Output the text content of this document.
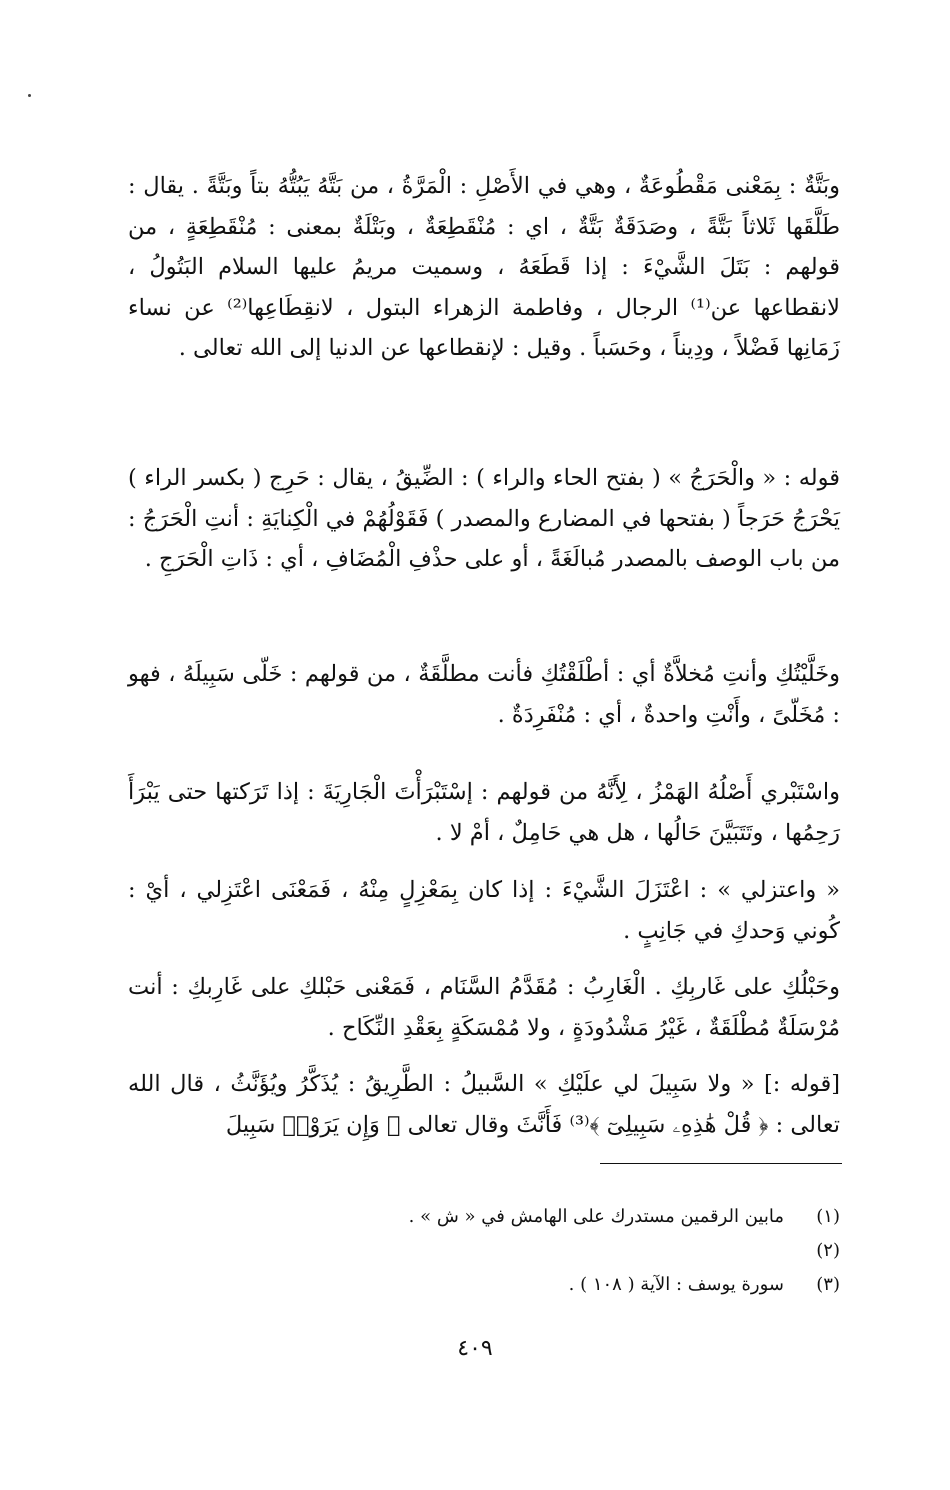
وبَتَّةٌ : بِمَعْنى مَقْطُوعَةٌ ، وهي في الأَصْلِ : الْمَرَّةُ ، من بَتَّهُ يَبُتُّهُ بتاً وبَتَّةً . يقال : طَلَّقَها ثَلاثاً بَتَّةً ، وصَدَقَةٌ بَتَّةٌ ، اي : مُنْقَطِعَةٌ ، وبَتْلَةٌ بمعنى : مُنْقَطِعَةٍ ، من قولهم : بَتَلَ الشَّيْءَ : إذا قَطَعَهُ ، وسميت مريمُ عليها السلام البَتُولُ ، لانقطاعها عن⁽¹⁾ الرجال ، وفاطمة الزهراء البتول ، لانقِطَاعِها⁽²⁾ عن نساء زَمَانِها فَضْلاً ، ودِيناً ، وحَسَباً . وقيل : لإنقطاعها عن الدنيا إلى الله تعالى .

قوله : « والْحَرَجُ » ( بفتح الحاء والراء ) : الضِّيقُ ، يقال : حَرِج ( بكسر الراء ) يَحْرَجُ حَرَجاً ( بفتحها في المضارع والمصدر ) فَقَوْلُهُمْ في الْكِنايَةِ : أنتِ الْحَرَجُ : من باب الوصف بالمصدر مُبالَغَةً ، أو على حذْفِ الْمُضَافِ ، أي : ذَاتِ الْحَرَجِ .

وخَلَّيْتُكِ وأنتِ مُخلاَّةٌ أي : أطْلَقْتُكِ فأنت مطلَّقَةٌ ، من قولهم : خَلّى سَبِيلَهُ ، فهو : مُخَلّىً ، وأَنْتِ واحدةٌ ، أي : مُنْفَرِدَةٌ .

واسْتَبْري أَصْلُهُ الهَمْزُ ، لِأَنَّهُ من قولهم : إسْتَبْرَأْتَ الْجَارِيَةَ : إذا تَرَكتها حتى يَبْرَأَ رَحِمُها ، وتَتَبَيَّنَ حَالُها ، هل هي حَامِلٌ ، أمْ لا .

« واعتزلي » : اعْتَزَلَ الشَّيْءَ : إذا كان بِمَعْزِلٍ مِنْهُ ، فَمَعْنَى اعْتَزِلي ، أيْ : كُوني وَحدكِ في جَانِبٍ .

وحَبْلُكِ على غَاربِكِ . الْغَارِبُ : مُقَدَّمُ السَّنَام ، فَمَعْنى حَبْلكِ على غَارِبكِ : أنت مُرْسَلَةٌ مُطْلَقَةٌ ، غَيْرُ مَشْدُودَةٍ ، ولا مُمْسَكَةٍ بِعَقْدِ النِّكَاح .

[قوله :] « ولا سَبِيلَ لي علَيْكِ » السَّبيلُ : الطَّرِيقُ : يُذَكَّرُ ويُؤَنَّثُ ، قال الله تعالى : ﴿ قُلْ هَٰذِهِۦ سَبِيلِىٓ ﴾⁽³⁾ فَأَنَّثَ وقال تعالى ﴿ وَإِن يَرَوْا۟ سَبِيلَ

(١)
مابين الرقمين مستدرك على الهامش في « ش » .
(٢)
(٣)
سورة يوسف : الآية ( ١٠٨ ) .
٤٠٩
